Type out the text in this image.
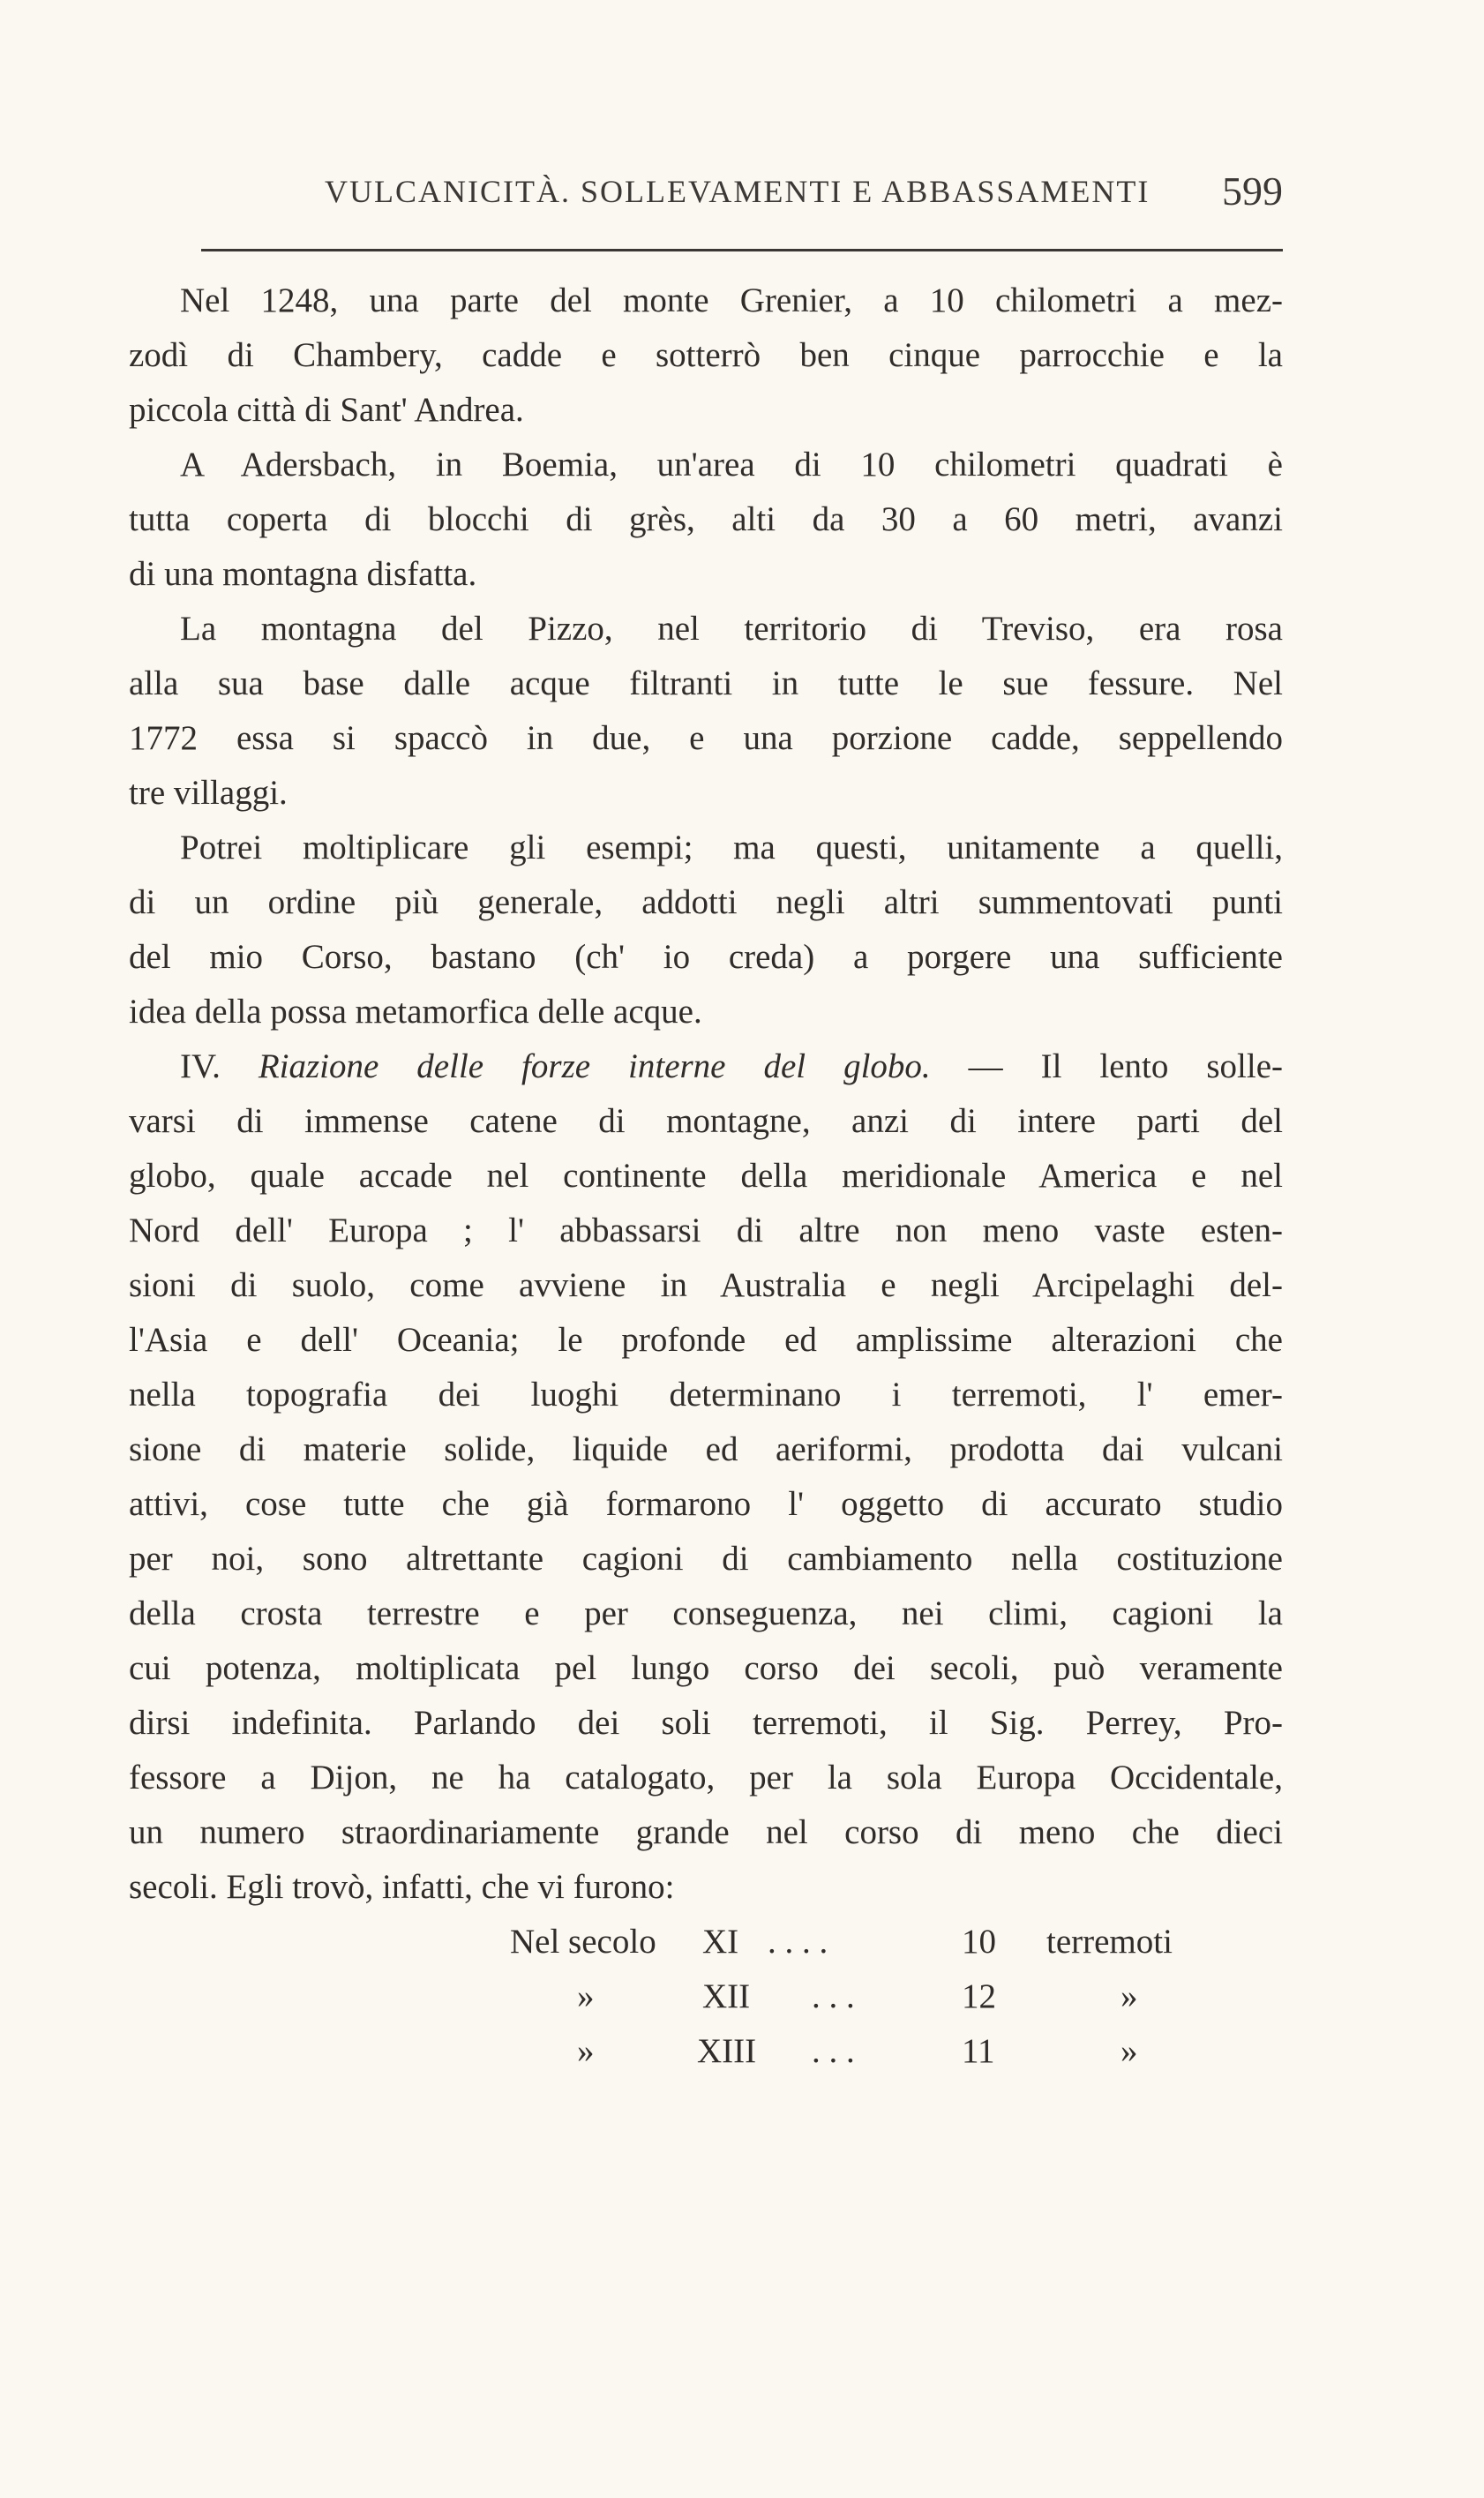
VULCANICITÀ. SOLLEVAMENTI E ABBASSAMENTI 599
Nel 1248, una parte del monte Grenier, a 10 chilometri a mez-
zodì di Chambery, cadde e sotterrò ben cinque parrocchie e la
piccola città di Sant' Andrea.
A Adersbach, in Boemia, un'area di 10 chilometri quadrati è
tutta coperta di blocchi di grès, alti da 30 a 60 metri, avanzi
di una montagna disfatta.
La montagna del Pizzo, nel territorio di Treviso, era rosa
alla sua base dalle acque filtranti in tutte le sue fessure. Nel
1772 essa si spaccò in due, e una porzione cadde, seppellendo
tre villaggi.
Potrei moltiplicare gli esempi; ma questi, unitamente a quelli,
di un ordine più generale, addotti negli altri summentovati punti
del mio Corso, bastano (ch' io creda) a porgere una sufficiente
idea della possa metamorfica delle acque.
IV. Riazione delle forze interne del globo. — Il lento solle-
varsi di immense catene di montagne, anzi di intere parti del
globo, quale accade nel continente della meridionale America e nel
Nord dell' Europa ; l' abbassarsi di altre non meno vaste esten-
sioni di suolo, come avviene in Australia e negli Arcipelaghi del-
l'Asia e dell' Oceania; le profonde ed amplissime alterazioni che
nella topografia dei luoghi determinano i terremoti, l' emer-
sione di materie solide, liquide ed aeriformi, prodotta dai vulcani
attivi, cose tutte che già formarono l' oggetto di accurato studio
per noi, sono altrettante cagioni di cambiamento nella costituzione
della crosta terrestre e per conseguenza, nei climi, cagioni la
cui potenza, moltiplicata pel lungo corso dei secoli, può veramente
dirsi indefinita. Parlando dei soli terremoti, il Sig. Perrey, Pro-
fessore a Dijon, ne ha catalogato, per la sola Europa Occidentale,
un numero straordinariamente grande nel corso di meno che dieci
secoli. Egli trovò, infatti, che vi furono:
Nel secolo XI . . . .	10 terremoti
»	XII . . .	12	»
»	XIII . . .	11	»
